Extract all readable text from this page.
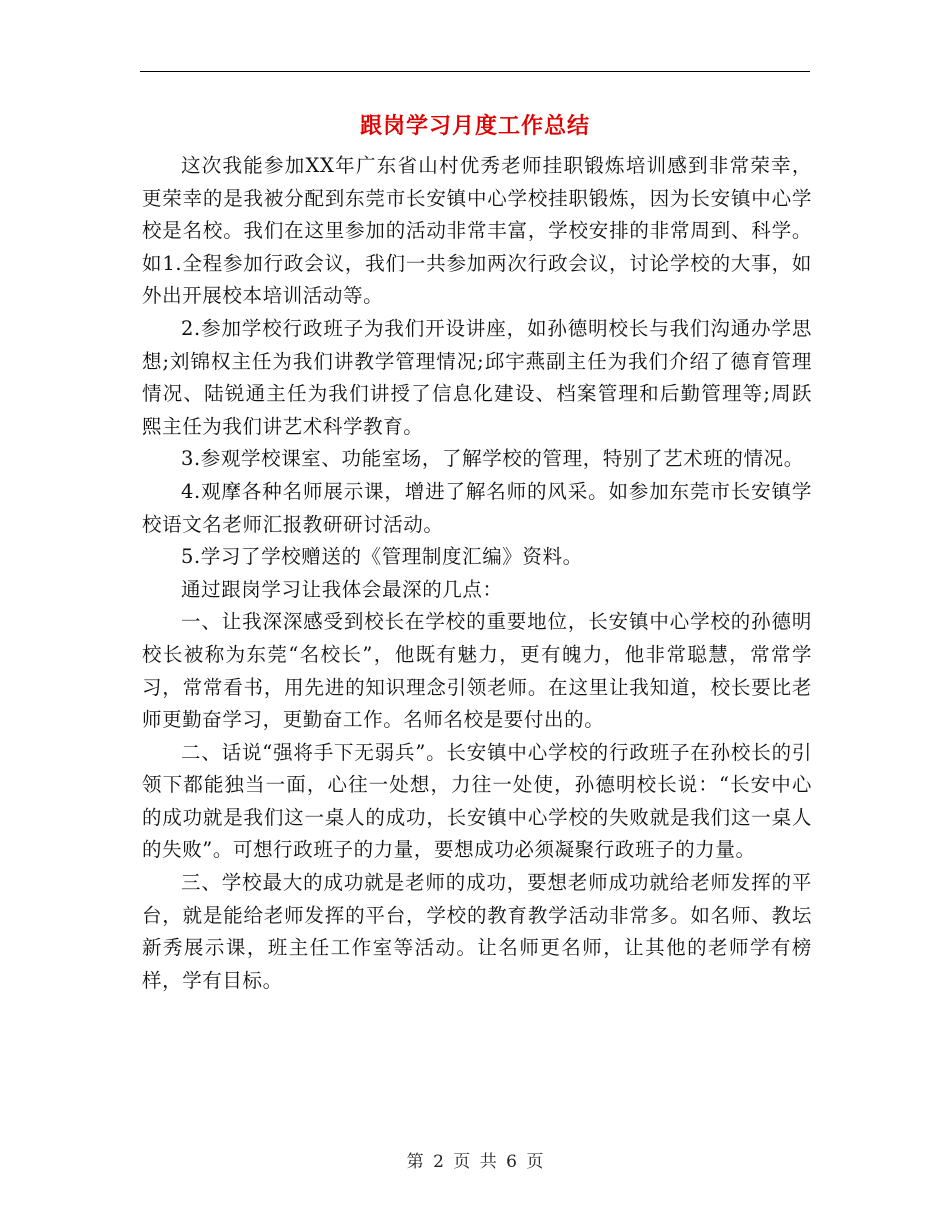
跟岗学习月度工作总结

这次我能参加XX年广东省山村优秀老师挂职锻炼培训感到非常荣幸，更荣幸的是我被分配到东莞市长安镇中心学校挂职锻炼，因为长安镇中心学校是名校。我们在这里参加的活动非常丰富，学校安排的非常周到、科学。如1.全程参加行政会议，我们一共参加两次行政会议，讨论学校的大事，如外出开展校本培训活动等。

2.参加学校行政班子为我们开设讲座，如孙德明校长与我们沟通办学思想;刘锦权主任为我们讲教学管理情况;邱宇燕副主任为我们介绍了德育管理情况、陆锐通主任为我们讲授了信息化建设、档案管理和后勤管理等;周跃熙主任为我们讲艺术科学教育。

3.参观学校课室、功能室场，了解学校的管理，特别了艺术班的情况。

4.观摩各种名师展示课，增进了解名师的风采。如参加东莞市长安镇学校语文名老师汇报教研研讨活动。

5.学习了学校赠送的《管理制度汇编》资料。

通过跟岗学习让我体会最深的几点：

一、让我深深感受到校长在学校的重要地位，长安镇中心学校的孙德明校长被称为东莞“名校长”，他既有魅力，更有魄力，他非常聪慧，常常学习，常常看书，用先进的知识理念引领老师。在这里让我知道，校长要比老师更勤奋学习，更勤奋工作。名师名校是要付出的。

二、话说“强将手下无弱兵”。长安镇中心学校的行政班子在孙校长的引领下都能独当一面，心往一处想，力往一处使，孙德明校长说：“长安中心的成功就是我们这一桌人的成功，长安镇中心学校的失败就是我们这一桌人的失败”。可想行政班子的力量，要想成功必须凝聚行政班子的力量。

三、学校最大的成功就是老师的成功，要想老师成功就给老师发挥的平台，就是能给老师发挥的平台，学校的教育教学活动非常多。如名师、教坛新秀展示课，班主任工作室等活动。让名师更名师，让其他的老师学有榜样，学有目标。

第 2 页 共 6 页
